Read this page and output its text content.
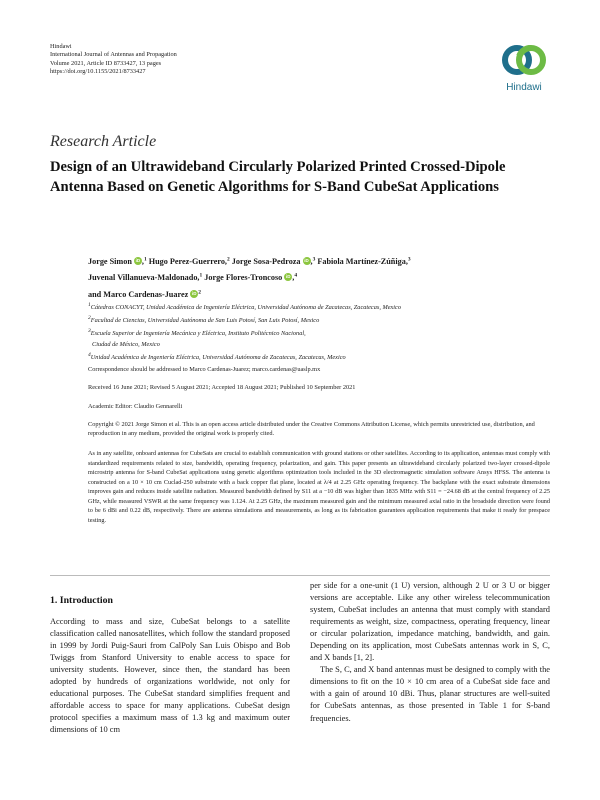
Hindawi
International Journal of Antennas and Propagation
Volume 2021, Article ID 8733427, 13 pages
https://doi.org/10.1155/2021/8733427
Hindawi
Research Article
Design of an Ultrawideband Circularly Polarized Printed Crossed-Dipole Antenna Based on Genetic Algorithms for S-Band CubeSat Applications
Jorge Simon iD ,$^1$ Hugo Perez-Guerrero,$^2$ Jorge Sosa-Pedroza iD ,$^3$ Fabiola Martínez-Zúñiga,$^3$
Juvenal Villanueva-Maldonado,$^1$ Jorge Flores-Troncoso iD ,$^4$
and Marco Cardenas-Juarez iD $^2$
$^1$Cátedras CONACYT, Unidad Académica de Ingeniería Eléctrica, Universidad Autónoma de Zacatecas, Zacatecas, Mexico
$^2$Facultad de Ciencias, Universidad Autónoma de San Luis Potosí, San Luis Potosí, Mexico
$^3$Escuela Superior de Ingeniería Mecánica y Eléctrica, Instituto Politécnico Nacional,
Ciudad de México, Mexico
$^4$Unidad Académica de Ingeniería Eléctrica, Universidad Autónoma de Zacatecas, Zacatecas, Mexico
Correspondence should be addressed to Marco Cardenas-Juarez; marco.cardenas@uaslp.mx
Received 16 June 2021; Revised 5 August 2021; Accepted 18 August 2021; Published 10 September 2021
Academic Editor: Claudio Gennarelli
Copyright © 2021 Jorge Simon et al. This is an open access article distributed under the Creative Commons Attribution License, which permits unrestricted use, distribution, and reproduction in any medium, provided the original work is properly cited.
As in any satellite, onboard antennas for CubeSats are crucial to establish communication with ground stations or other satellites. According to its application, antennas must comply with standardized requirements related to size, bandwidth, operating frequency, polarization, and gain. This paper presents an ultrawideband circularly polarized two-layer crossed-dipole microstrip antenna for S-band CubeSat applications using genetic algorithms optimization tools included in the 3D electromagnetic simulation software Ansys HFSS. The antenna is constructed on a 10 × 10 cm Cuclad-250 substrate with a back copper flat plane, located at λ/4 at 2.25 GHz operating frequency. The backplane with the exact substrate dimensions improves gain and reduces inside satellite radiation. Measured bandwidth defined by S11 at a −10 dB was higher than 1835 MHz with S11 = −24.68 dB at the central frequency of 2.25 GHz, while measured VSWR at the same frequency was 1.124. At 2.25 GHz, the maximum measured gain and the minimum measured axial ratio in the broadside direction were found to be 6 dBi and 0.22 dB, respectively. There are antenna simulations and measurements, as long as its fabrication guarantees application requirements that make it ready for prespace testing.
1. Introduction
According to mass and size, CubeSat belongs to a satellite classification called nanosatellites, which follow the standard proposed in 1999 by Jordi Puig-Sauri from CalPoly San Luis Obispo and Bob Twiggs from Stanford University to enable access to space for university students. However, since then, the standard has been adopted by hundreds of organizations worldwide, not only for educational purposes. The CubeSat standard simplifies frequent and affordable access to space for many applications. CubeSat design protocol specifies a maximum mass of 1.3 kg and maximum outer dimensions of 10 cm

per side for a one-unit (1 U) version, although 2 U or 3 U or bigger versions are acceptable. Like any other wireless telecommunication system, CubeSat includes an antenna that must comply with standard requirements as weight, size, compactness, operating frequency, linear or circular polarization, impedance matching, bandwidth, and gain. Depending on its application, most CubeSats antennas work in S, C, and X bands [1, 2].

The S, C, and X band antennas must be designed to comply with the dimensions to fit on the 10 × 10 cm area of a CubeSat side face and with a gain of around 10 dBi. Thus, planar structures are well-suited for CubeSats antennas, as those presented in Table 1 for S-band frequencies.
